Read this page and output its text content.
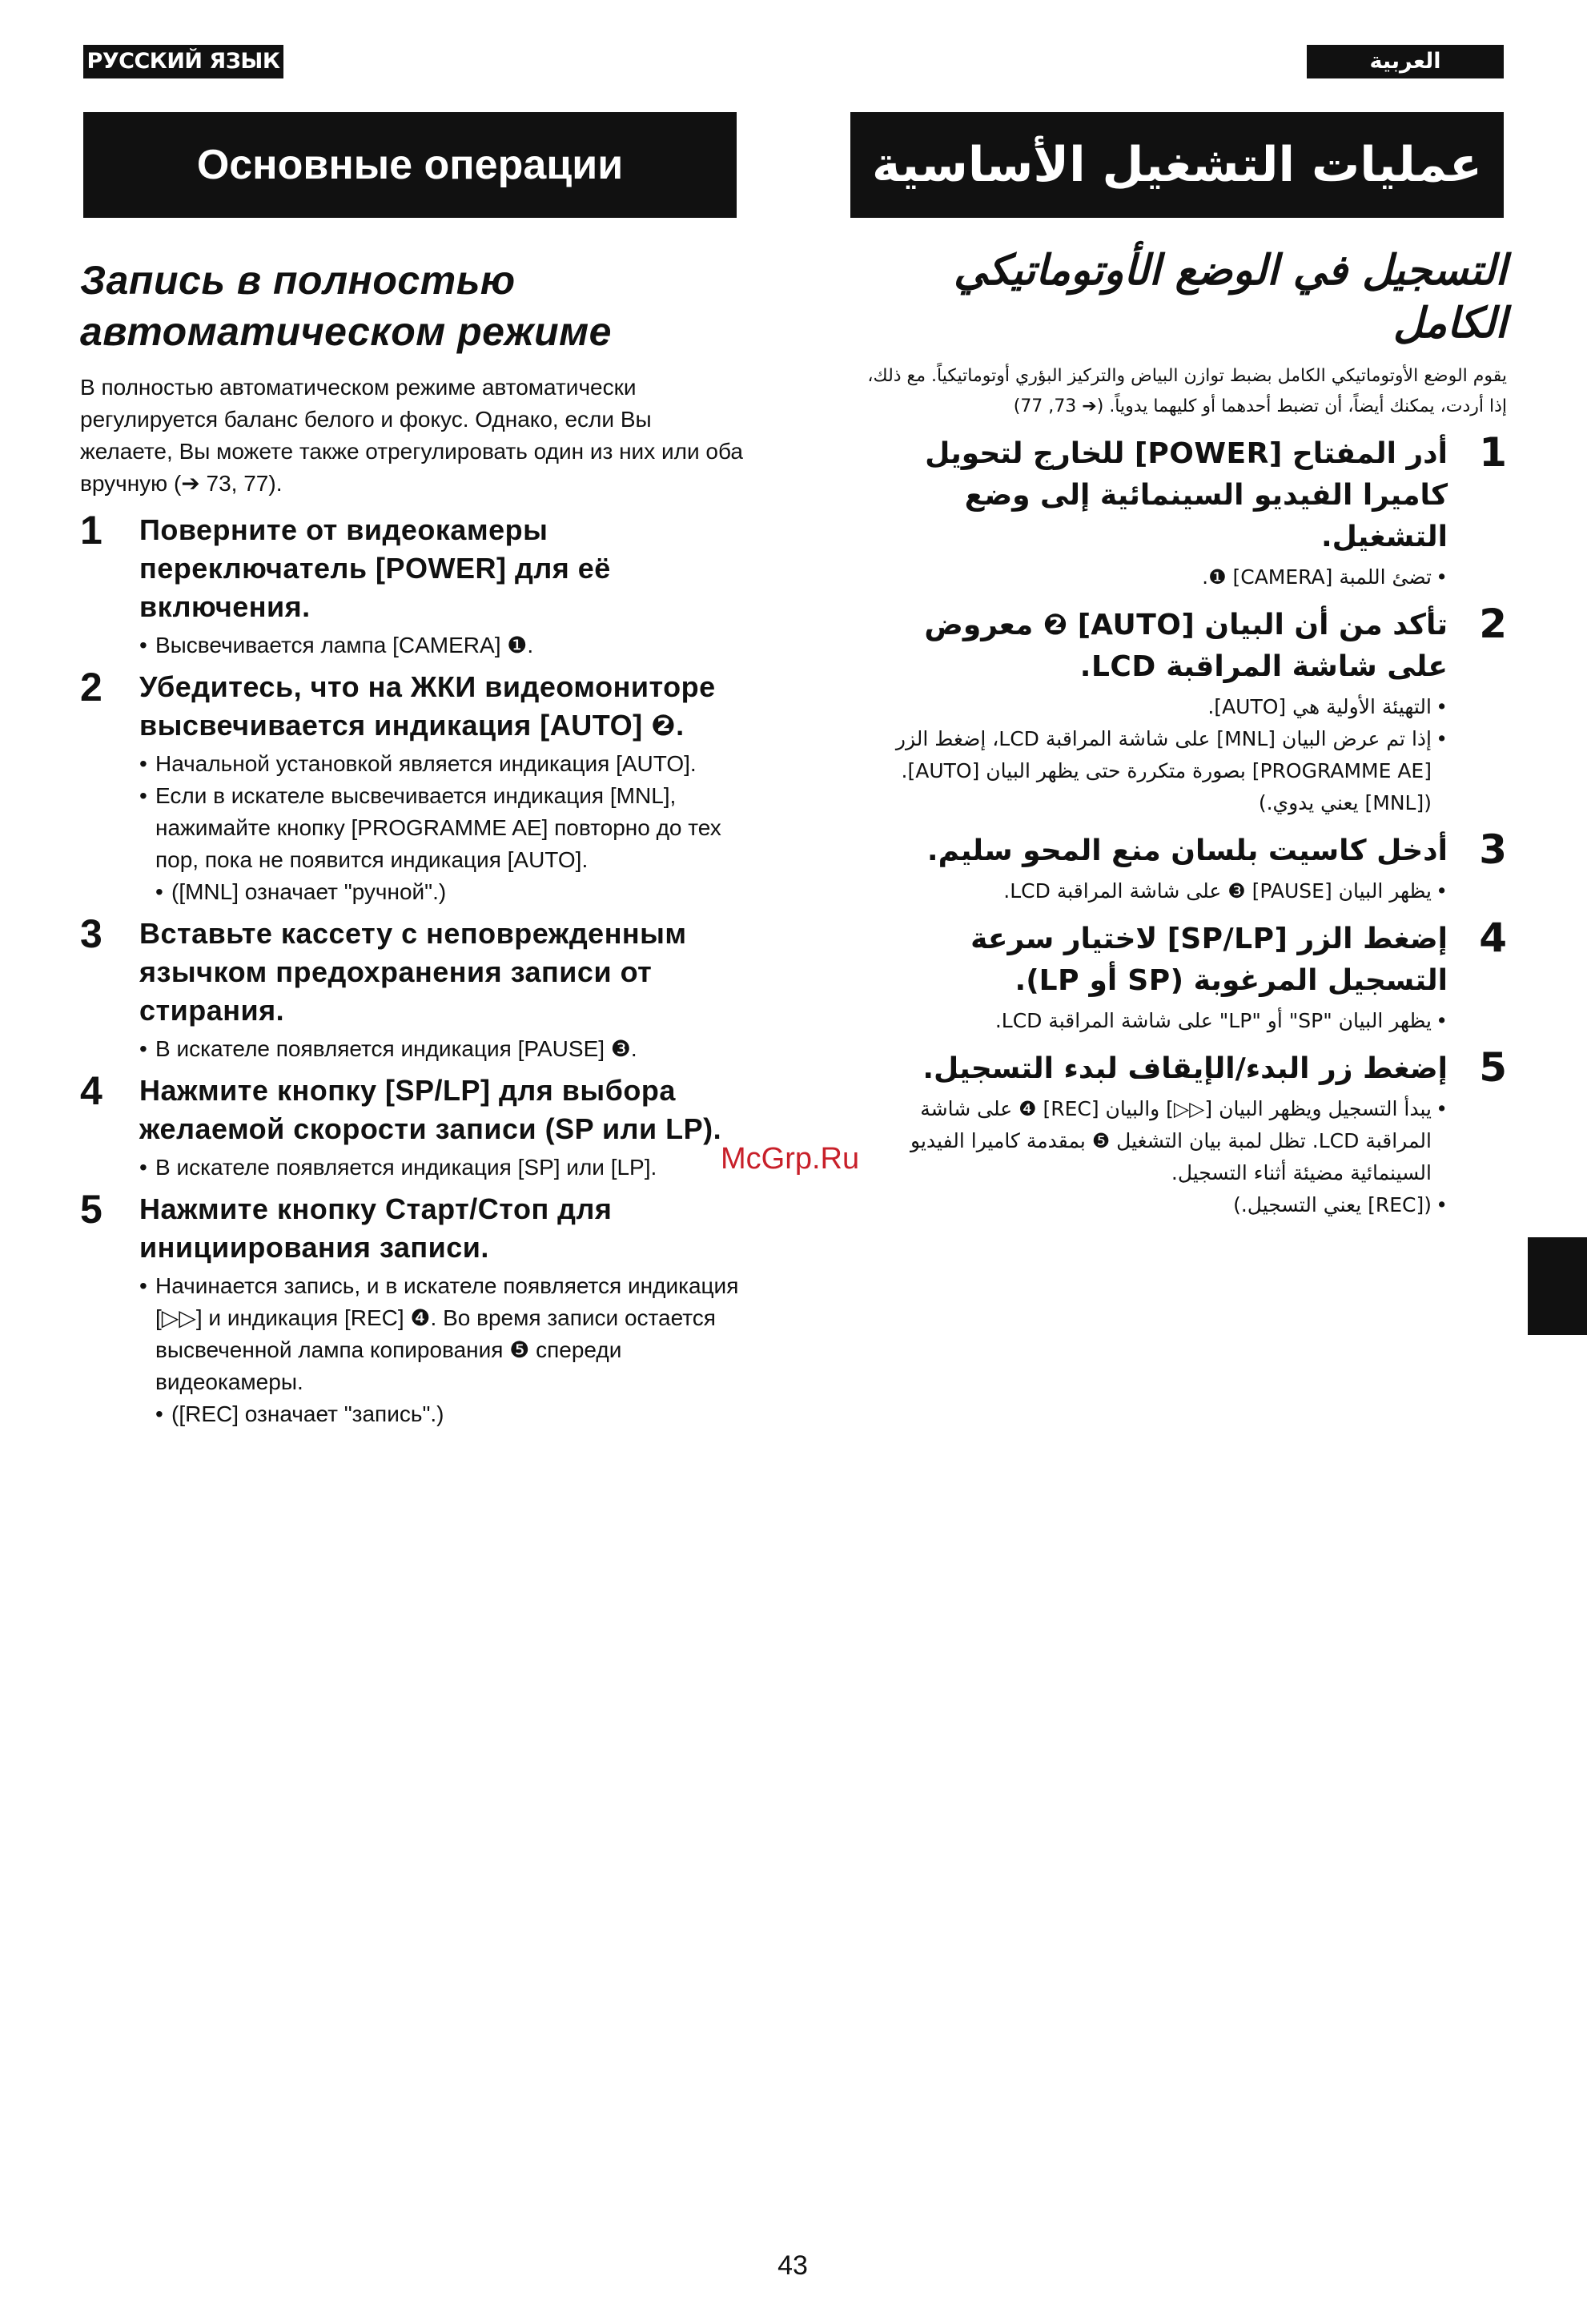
РУССКИЙ ЯЗЫК	العربية
Основные операции	عمليات التشغيل الأساسية
Запись в полностью автоматическом режиме

В полностью автоматическом режиме автоматически регулируется баланс белого и фокус. Однако, если Вы желаете, Вы можете также отрегулировать один из них или оба вручную (➔ 73, 77).

1 Поверните от видеокамеры переключатель [POWER] для её включения.
• Высвечивается лампа [CAMERA] ❶.
2 Убедитесь, что на ЖКИ видеомониторе высвечивается индикация [AUTO] ❷.
• Начальной установкой является индикация [AUTO].
• Если в искателе высвечивается индикация [MNL], нажимайте кнопку [PROGRAMME AE] повторно до тех пор, пока не появится индикация [AUTO].
• ([MNL] означает "ручной".)
3 Вставьте кассету с неповрежденным язычком предохранения записи от стирания.
• В искателе появляется индикация [PAUSE] ❸.
4 Нажмите кнопку [SP/LP] для выбора желаемой скорости записи (SP или LP).
• В искателе появляется индикация [SP] или [LP].
5 Нажмите кнопку Старт/Стоп для инициирования записи.
• Начинается запись, и в искателе появляется индикация [▷▷] и индикация [REC] ❹. Во время записи остается высвеченной лампа копирования ❺ спереди видеокамеры.
• ([REC] означает "запись".)
التسجيل في الوضع الأوتوماتيكي الكامل

يقوم الوضع الأوتوماتيكي الكامل بضبط توازن البياض والتركيز البؤري أوتوماتيكياً. مع ذلك، إذا أردت، يمكنك أيضاً، أن تضبط أحدهما أو كليهما يدوياً. (➔ 73, 77)

1
أدر المفتاح [POWER] للخارج لتحويل كاميرا الفيديو السينمائية إلى وضع التشغيل.
• تضئ اللمبة [CAMERA] ❶.
2
تأكد من أن البيان [AUTO] ❷ معروض على شاشة المراقبة LCD.
• التهيئة الأولية هي [AUTO].
• إذا تم عرض البيان [MNL] على شاشة المراقبة LCD، إضغط الزر [PROGRAMME AE] بصورة متكررة حتى يظهر البيان [AUTO]. ([MNL] يعني يدوي.)
3
أدخل كاسيت بلسان منع المحو سليم.
• يظهر البيان [PAUSE] ❸ على شاشة المراقبة LCD.
4
إضغط الزر [SP/LP] لاختيار سرعة التسجيل المرغوبة (SP أو LP).
• يظهر البيان "SP" أو "LP" على شاشة المراقبة LCD.
5
إضغط زر البدء/الإيقاف لبدء التسجيل.
• يبدأ التسجيل ويظهر البيان [▷▷] والبيان [REC] ❹ على شاشة المراقبة LCD. تظل لمبة بيان التشغيل ❺ بمقدمة كاميرا الفيديو السينمائية مضيئة أثناء التسجيل.
• ([REC] يعني التسجيل.)
McGrp.Ru
43
